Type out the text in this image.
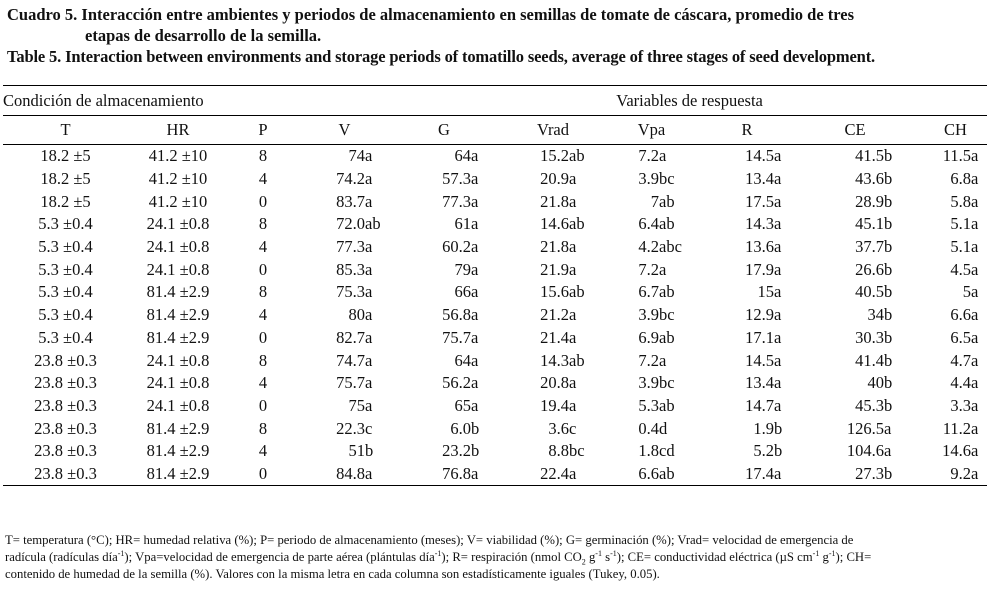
Cuadro 5. Interacción entre ambientes y periodos de almacenamiento en semillas de tomate de cáscara, promedio de tres
etapas de desarrollo de la semilla.
Table 5. Interaction between environments and storage periods of tomatillo seeds, average of three stages of seed development.
Condición de almacenamiento			Variables de respuesta													
T	HR	P	V		G		Vrad		Vpa		R		CE		CH	
18.2 ±5	41.2 ±10	8	74	a	64	a	15.2	ab	7.2	a	14.5	a	41.5	b	11.5	a
18.2 ±5	41.2 ±10	4	74.2	a	57.3	a	20.9	a	3.9	bc	13.4	a	43.6	b	6.8	a
18.2 ±5	41.2 ±10	0	83.7	a	77.3	a	21.8	a	7	ab	17.5	a	28.9	b	5.8	a
5.3 ±0.4	24.1 ±0.8	8	72.0	ab	61	a	14.6	ab	6.4	ab	14.3	a	45.1	b	5.1	a
5.3 ±0.4	24.1 ±0.8	4	77.3	a	60.2	a	21.8	a	4.2	abc	13.6	a	37.7	b	5.1	a
5.3 ±0.4	24.1 ±0.8	0	85.3	a	79	a	21.9	a	7.2	a	17.9	a	26.6	b	4.5	a
5.3 ±0.4	81.4 ±2.9	8	75.3	a	66	a	15.6	ab	6.7	ab	15	a	40.5	b	5	a
5.3 ±0.4	81.4 ±2.9	4	80	a	56.8	a	21.2	a	3.9	bc	12.9	a	34	b	6.6	a
5.3 ±0.4	81.4 ±2.9	0	82.7	a	75.7	a	21.4	a	6.9	ab	17.1	a	30.3	b	6.5	a
23.8 ±0.3	24.1 ±0.8	8	74.7	a	64	a	14.3	ab	7.2	a	14.5	a	41.4	b	4.7	a
23.8 ±0.3	24.1 ±0.8	4	75.7	a	56.2	a	20.8	a	3.9	bc	13.4	a	40	b	4.4	a
23.8 ±0.3	24.1 ±0.8	0	75	a	65	a	19.4	a	5.3	ab	14.7	a	45.3	b	3.3	a
23.8 ±0.3	81.4 ±2.9	8	22.3	c	6.0	b	3.6	c	0.4	d	1.9	b	126.5	a	11.2	a
23.8 ±0.3	81.4 ±2.9	4	51	b	23.2	b	8.8	bc	1.8	cd	5.2	b	104.6	a	14.6	a
23.8 ±0.3	81.4 ±2.9	0	84.8	a	76.8	a	22.4	a	6.6	ab	17.4	a	27.3	b	9.2	a
T= temperatura (°C); HR= humedad relativa (%); P= periodo de almacenamiento (meses); V= viabilidad (%); G= germinación (%); Vrad= velocidad de emergencia de
radícula (radículas día$^{-1}$); Vpa=velocidad de emergencia de parte aérea (plántulas día$^{-1}$); R= respiración (nmol $CO_2$ $g^{-1}$ $s^{-1}$); CE= conductividad eléctrica (µS $cm^{-1}$ $g^{-1}$); CH=
contenido de humedad de la semilla (%). Valores con la misma letra en cada columna son estadísticamente iguales (Tukey, 0.05).
